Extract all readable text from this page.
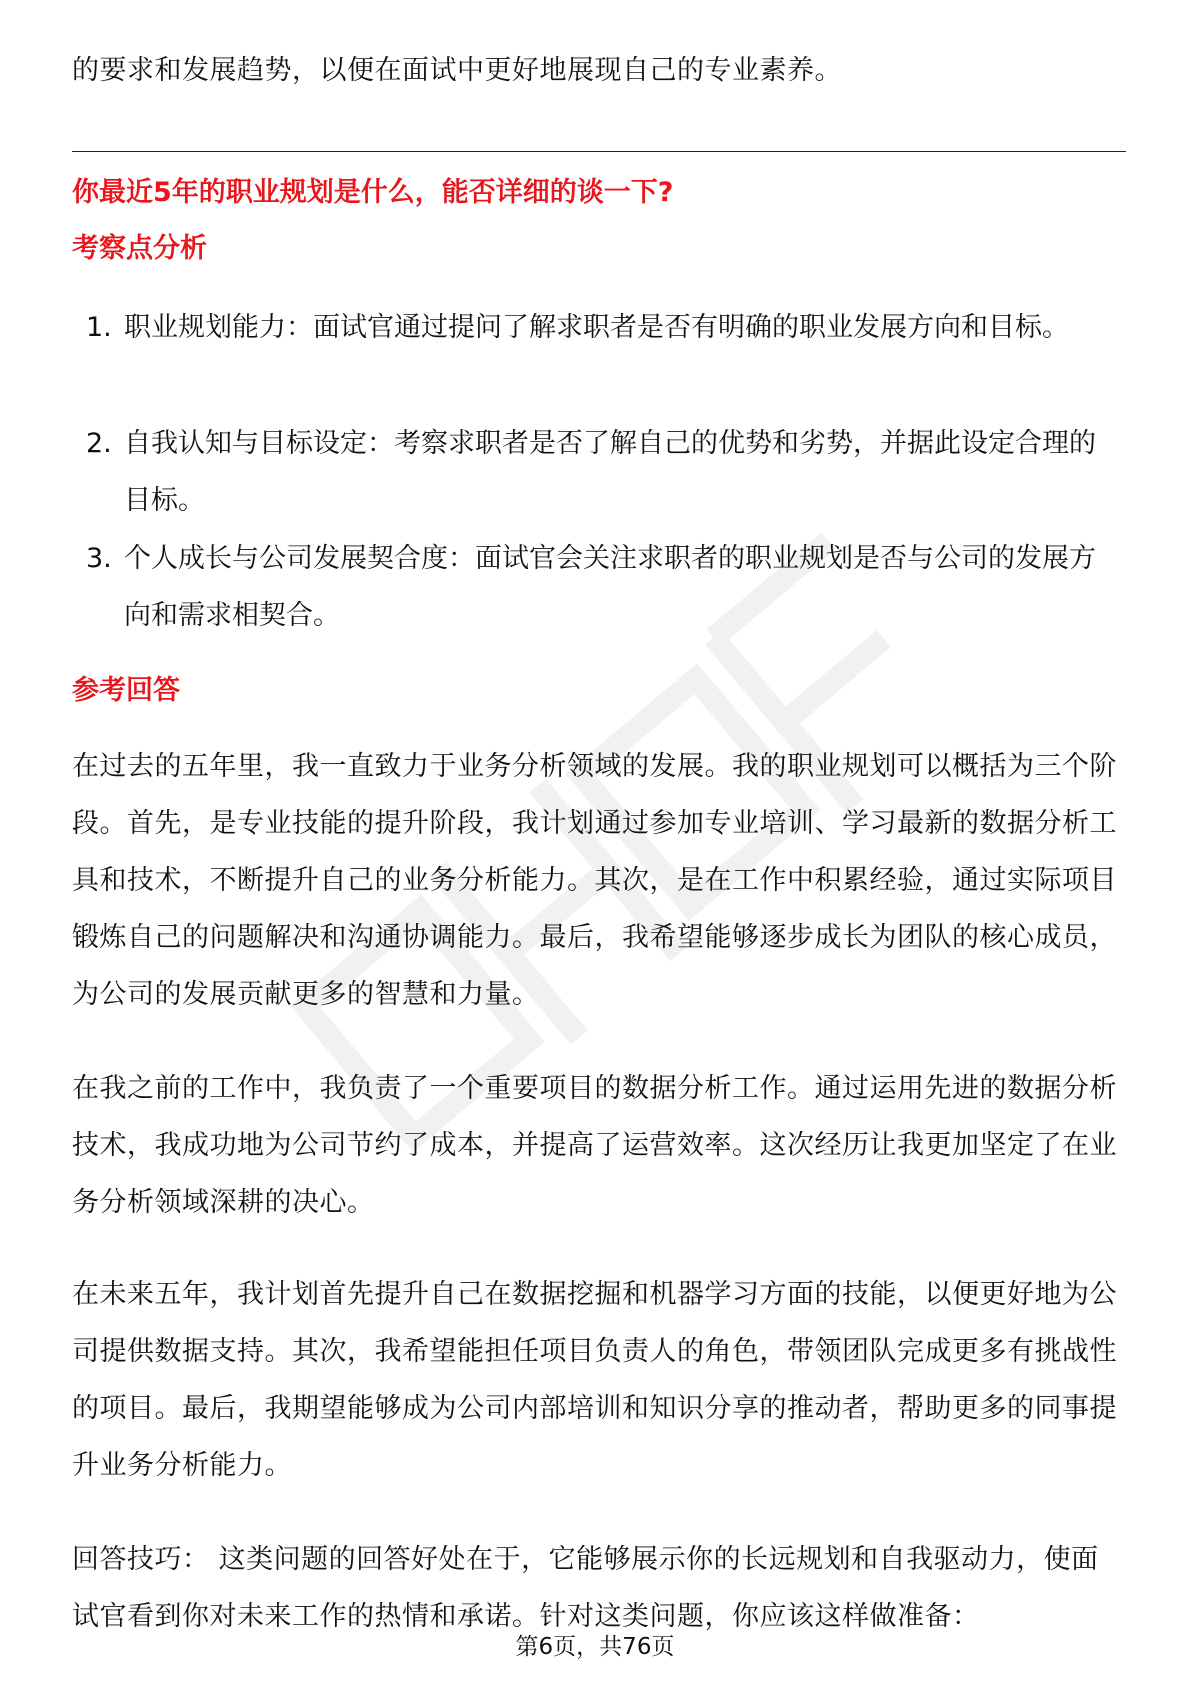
的要求和发展趋势，以便在面试中更好地展现自己的专业素养。
你最近5年的职业规划是什么，能否详细的谈一下?
考察点分析
1. 职业规划能力：面试官通过提问了解求职者是否有明确的职业发展方向和目标。
2. 自我认知与目标设定：考察求职者是否了解自己的优势和劣势，并据此设定合理的目标。
3. 个人成长与公司发展契合度：面试官会关注求职者的职业规划是否与公司的发展方向和需求相契合。
参考回答
在过去的五年里，我一直致力于业务分析领域的发展。我的职业规划可以概括为三个阶段。首先，是专业技能的提升阶段，我计划通过参加专业培训、学习最新的数据分析工具和技术，不断提升自己的业务分析能力。其次，是在工作中积累经验，通过实际项目锻炼自己的问题解决和沟通协调能力。最后，我希望能够逐步成长为团队的核心成员，为公司的发展贡献更多的智慧和力量。
在我之前的工作中，我负责了一个重要项目的数据分析工作。通过运用先进的数据分析技术，我成功地为公司节约了成本，并提高了运营效率。这次经历让我更加坚定了在业务分析领域深耕的决心。
在未来五年，我计划首先提升自己在数据挖掘和机器学习方面的技能，以便更好地为公司提供数据支持。其次，我希望能担任项目负责人的角色，带领团队完成更多有挑战性的项目。最后，我期望能够成为公司内部培训和知识分享的推动者，帮助更多的同事提升业务分析能力。
回答技巧： 这类问题的回答好处在于，它能够展示你的长远规划和自我驱动力，使面试官看到你对未来工作的热情和承诺。针对这类问题，你应该这样做准备：
第6页，共76页
